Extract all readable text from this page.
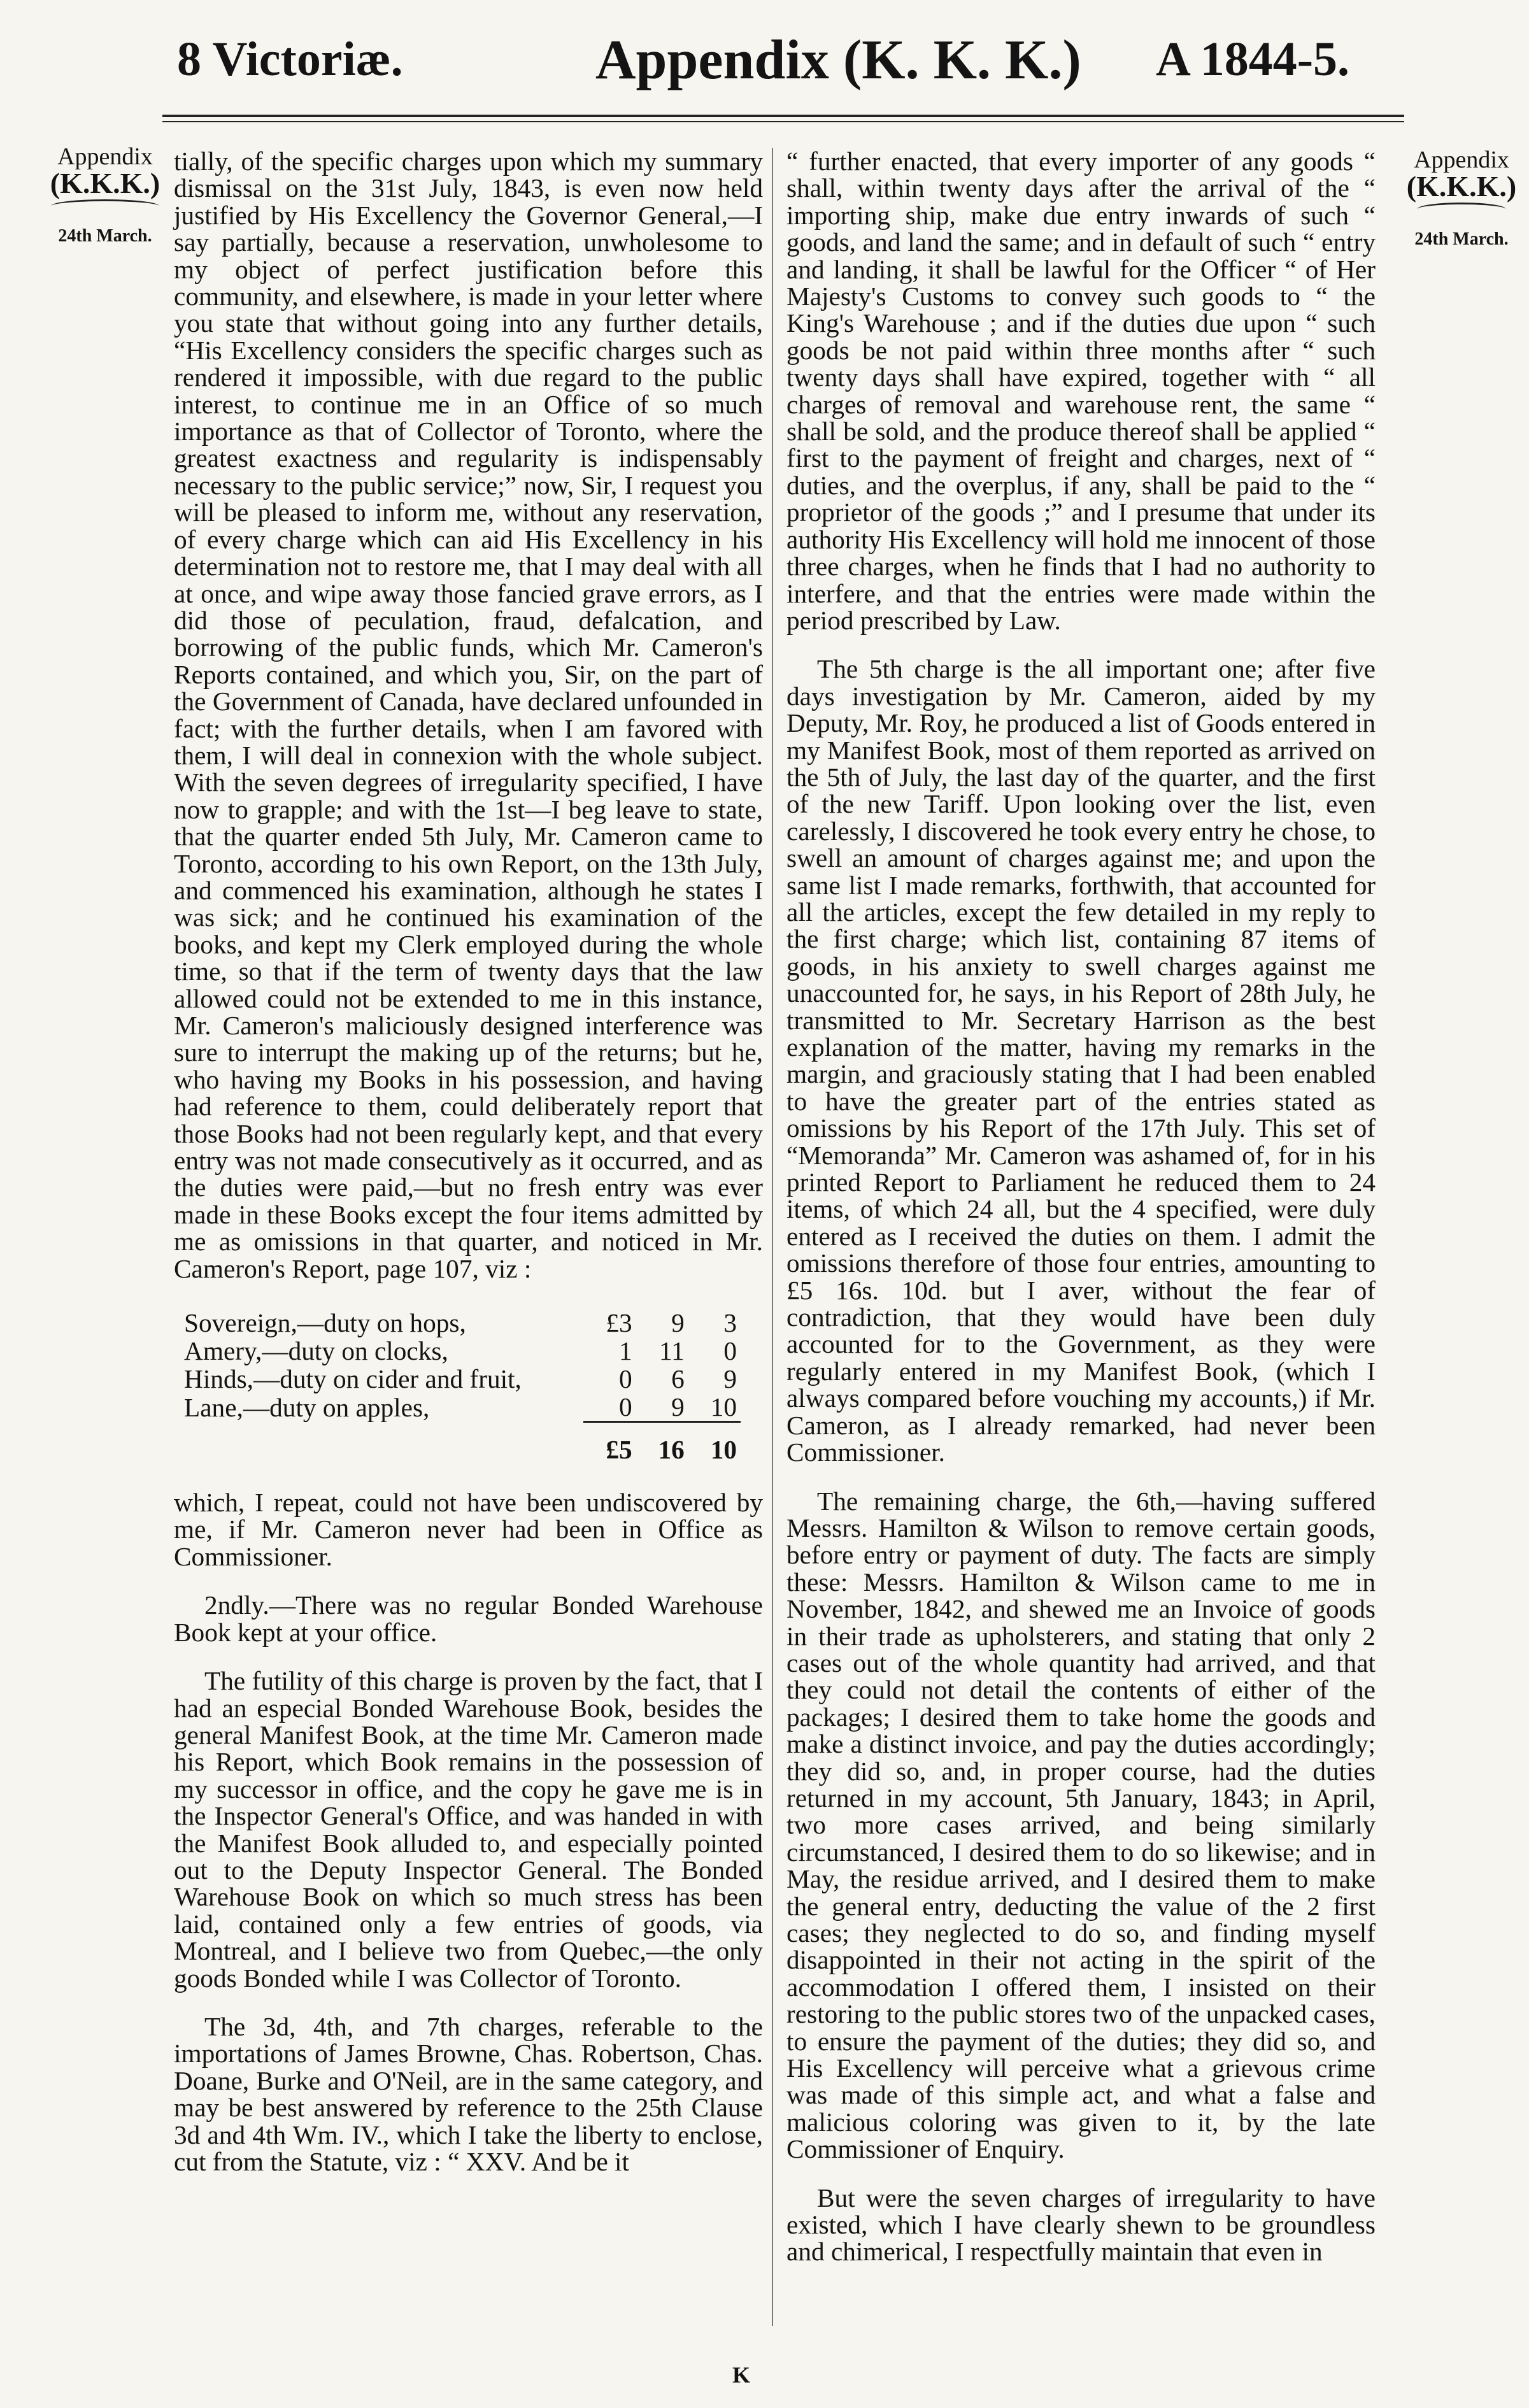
8 Victoriæ.	Appendix (K. K. K.) A 1844-5.
Appendix
(K.K.K.)
24th March.
Appendix
(K.K.K.)
24th March.

tially, of the specific charges upon which my summary dismissal on the 31st July, 1843, is even now held justified by His Excellency the Governor General,—I say partially, because a reservation, unwholesome to my object of perfect justification before this community, and elsewhere, is made in your letter where you state that without going into any further details, “His Excellency considers the specific charges such as rendered it impossible, with due regard to the public interest, to continue me in an Office of so much importance as that of Collector of Toronto, where the greatest exactness and regularity is indispensably necessary to the public service;” now, Sir, I request you will be pleased to inform me, without any reservation, of every charge which can aid His Excellency in his determination not to restore me, that I may deal with all at once, and wipe away those fancied grave errors, as I did those of peculation, fraud, defalcation, and borrowing of the public funds, which Mr. Cameron's Reports contained, and which you, Sir, on the part of the Government of Canada, have declared unfounded in fact; with the further details, when I am favored with them, I will deal in connexion with the whole subject. With the seven degrees of irregularity specified, I have now to grapple; and with the 1st—I beg leave to state, that the quarter ended 5th July, Mr. Cameron came to Toronto, according to his own Report, on the 13th July, and commenced his examination, although he states I was sick; and he continued his examination of the books, and kept my Clerk employed during the whole time, so that if the term of twenty days that the law allowed could not be extended to me in this instance, Mr. Cameron's maliciously designed interference was sure to interrupt the making up of the returns; but he, who having my Books in his possession, and having had reference to them, could deliberately report that those Books had not been regularly kept, and that every entry was not made consecutively as it occurred, and as the duties were paid,—but no fresh entry was ever made in these Books except the four items admitted by me as omissions in that quarter, and noticed in Mr. Cameron's Report, page 107, viz :

Sovereign,—duty on hops,	£3	9	3
Amery,—duty on clocks,	1	11	0
Hinds,—duty on cider and fruit,	0	6	9
Lane,—duty on apples,	0	9	10
	£5	16	10

which, I repeat, could not have been undiscovered by me, if Mr. Cameron never had been in Office as Commissioner.

2ndly.—There was no regular Bonded Warehouse Book kept at your office.

The futility of this charge is proven by the fact, that I had an especial Bonded Warehouse Book, besides the general Manifest Book, at the time Mr. Cameron made his Report, which Book remains in the possession of my successor in office, and the copy he gave me is in the Inspector General's Office, and was handed in with the Manifest Book alluded to, and especially pointed out to the Deputy Inspector General. The Bonded Warehouse Book on which so much stress has been laid, contained only a few entries of goods, via Montreal, and I believe two from Quebec,—the only goods Bonded while I was Collector of Toronto.

The 3d, 4th, and 7th charges, referable to the importations of James Browne, Chas. Robertson, Chas. Doane, Burke and O'Neil, are in the same category, and may be best answered by reference to the 25th Clause 3d and 4th Wm. IV., which I take the liberty to enclose, cut from the Statute, viz : “ XXV. And be it

“ further enacted, that every importer of any goods “ shall, within twenty days after the arrival of the “ importing ship, make due entry inwards of such “ goods, and land the same; and in default of such “ entry and landing, it shall be lawful for the Officer “ of Her Majesty's Customs to convey such goods to “ the King's Warehouse ; and if the duties due upon “ such goods be not paid within three months after “ such twenty days shall have expired, together with “ all charges of removal and warehouse rent, the same “ shall be sold, and the produce thereof shall be applied “ first to the payment of freight and charges, next of “ duties, and the overplus, if any, shall be paid to the “ proprietor of the goods ;” and I presume that under its authority His Excellency will hold me innocent of those three charges, when he finds that I had no authority to interfere, and that the entries were made within the period prescribed by Law.

The 5th charge is the all important one; after five days investigation by Mr. Cameron, aided by my Deputy, Mr. Roy, he produced a list of Goods entered in my Manifest Book, most of them reported as arrived on the 5th of July, the last day of the quarter, and the first of the new Tariff. Upon looking over the list, even carelessly, I discovered he took every entry he chose, to swell an amount of charges against me; and upon the same list I made remarks, forthwith, that accounted for all the articles, except the few detailed in my reply to the first charge; which list, containing 87 items of goods, in his anxiety to swell charges against me unaccounted for, he says, in his Report of 28th July, he transmitted to Mr. Secretary Harrison as the best explanation of the matter, having my remarks in the margin, and graciously stating that I had been enabled to have the greater part of the entries stated as omissions by his Report of the 17th July. This set of “Memoranda” Mr. Cameron was ashamed of, for in his printed Report to Parliament he reduced them to 24 items, of which 24 all, but the 4 specified, were duly entered as I received the duties on them. I admit the omissions therefore of those four entries, amounting to £5 16s. 10d. but I aver, without the fear of contradiction, that they would have been duly accounted for to the Government, as they were regularly entered in my Manifest Book, (which I always compared before vouching my accounts,) if Mr. Cameron, as I already remarked, had never been Commissioner.

The remaining charge, the 6th,—having suffered Messrs. Hamilton & Wilson to remove certain goods, before entry or payment of duty. The facts are simply these: Messrs. Hamilton & Wilson came to me in November, 1842, and shewed me an Invoice of goods in their trade as upholsterers, and stating that only 2 cases out of the whole quantity had arrived, and that they could not detail the contents of either of the packages; I desired them to take home the goods and make a distinct invoice, and pay the duties accordingly; they did so, and, in proper course, had the duties returned in my account, 5th January, 1843; in April, two more cases arrived, and being similarly circumstanced, I desired them to do so likewise; and in May, the residue arrived, and I desired them to make the general entry, deducting the value of the 2 first cases; they neglected to do so, and finding myself disappointed in their not acting in the spirit of the accommodation I offered them, I insisted on their restoring to the public stores two of the unpacked cases, to ensure the payment of the duties; they did so, and His Excellency will perceive what a grievous crime was made of this simple act, and what a false and malicious coloring was given to it, by the late Commissioner of Enquiry.

But were the seven charges of irregularity to have existed, which I have clearly shewn to be groundless and chimerical, I respectfully maintain that even in

K
